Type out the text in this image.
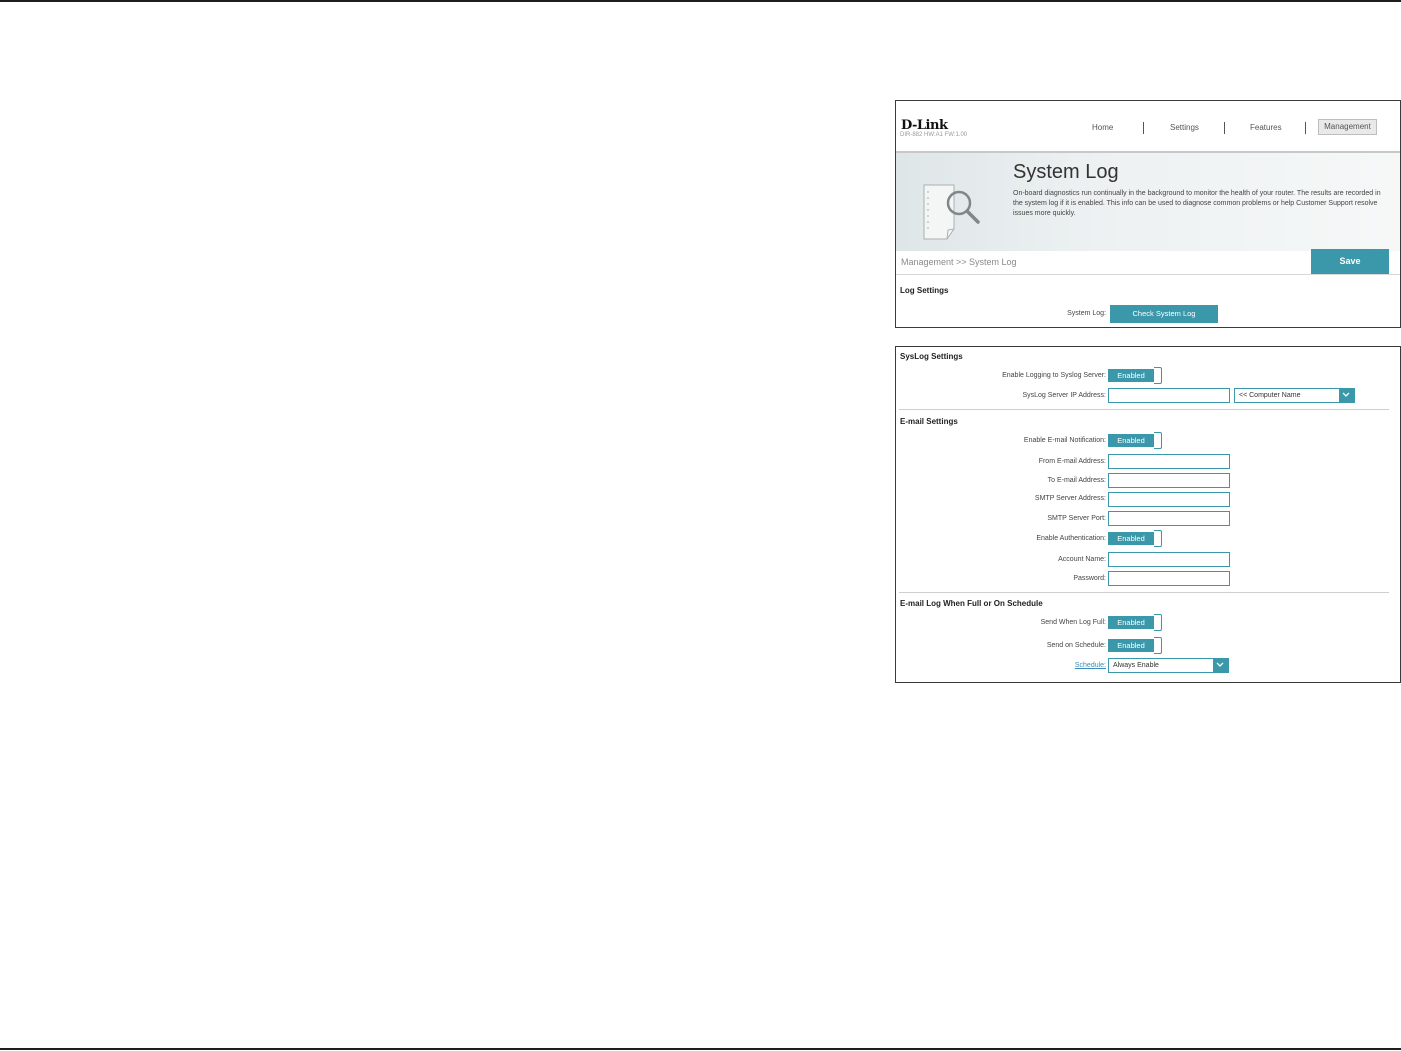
D-Link
DIR-882 HW:A1 FW:1.00
Home	Settings	Features	Management
System Log
On-board diagnostics run continually in the background to monitor the health of your router. The results are recorded in the system log if it is enabled. This info can be used to diagnose common problems or help Customer Support resolve issues more quickly.
Management >> System Log	Save
Log Settings
System Log:	Check System Log
SysLog Settings
Enable Logging to Syslog Server:	Enabled
SysLog Server IP Address:	<< Computer Name
E-mail Settings
Enable E-mail Notification:	Enabled
From E-mail Address:
To E-mail Address:
SMTP Server Address:
SMTP Server Port:
Enable Authentication:	Enabled
Account Name:
Password:
E-mail Log When Full or On Schedule
Send When Log Full:	Enabled
Send on Schedule:	Enabled
Schedule: Always Enable
